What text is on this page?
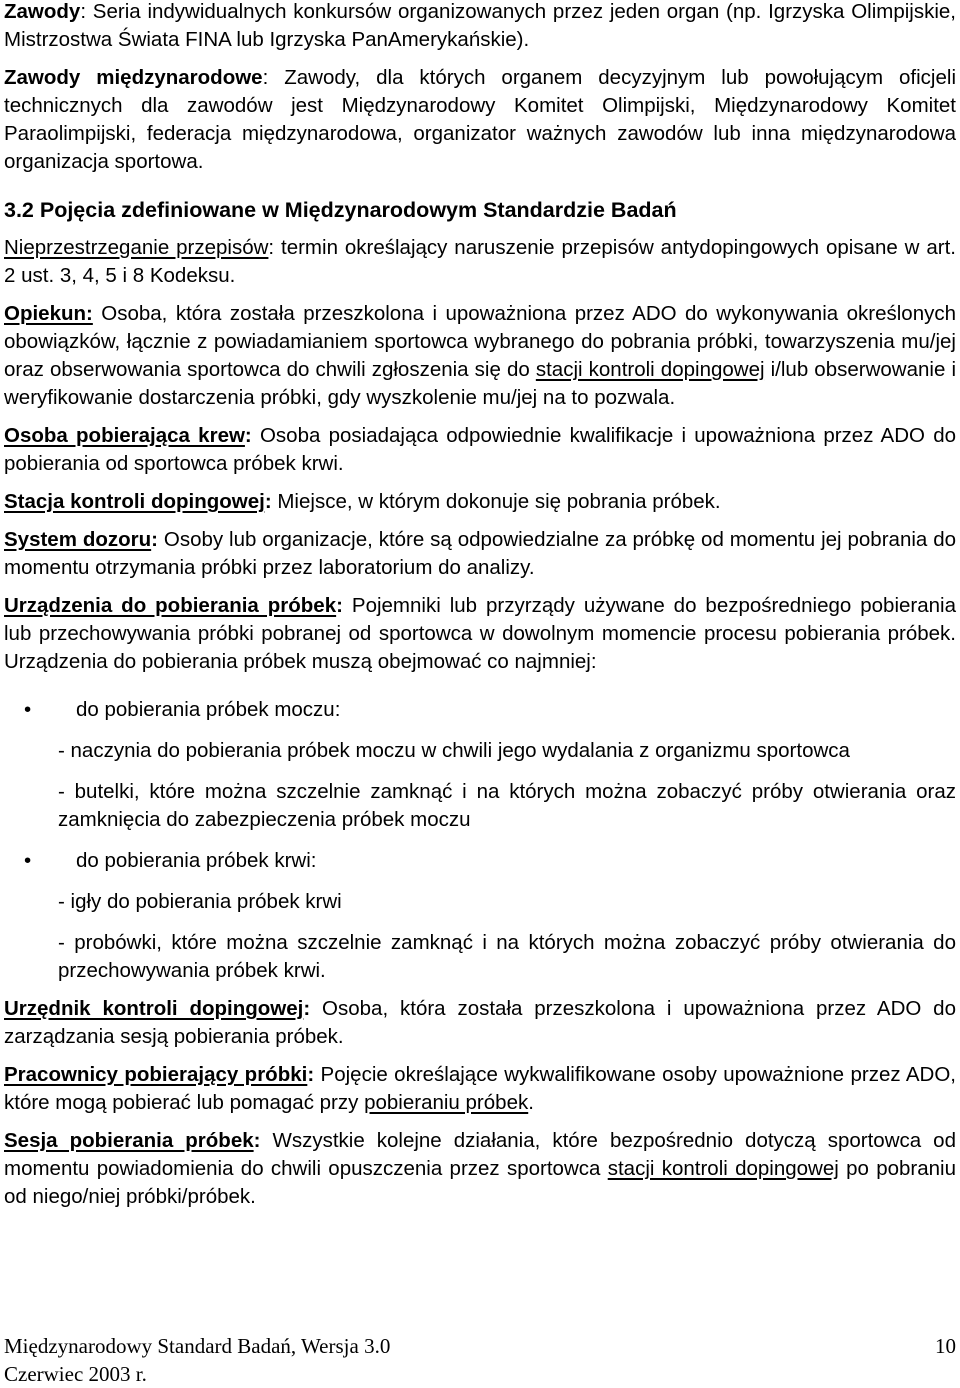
Zawody: Seria indywidualnych konkursów organizowanych przez jeden organ (np. Igrzyska Olimpijskie, Mistrzostwa Świata FINA lub Igrzyska PanAmerykańskie).

Zawody międzynarodowe: Zawody, dla których organem decyzyjnym lub powołującym oficjeli technicznych dla zawodów jest Międzynarodowy Komitet Olimpijski, Międzynarodowy Komitet Paraolimpijski, federacja międzynarodowa, organizator ważnych zawodów lub inna międzynarodowa organizacja sportowa.

3.2 Pojęcia zdefiniowane w Międzynarodowym Standardzie Badań

Nieprzestrzeganie przepisów: termin określający naruszenie przepisów antydopingowych opisane w art. 2 ust. 3, 4, 5 i 8 Kodeksu.

Opiekun: Osoba, która została przeszkolona i upoważniona przez ADO do wykonywania określonych obowiązków, łącznie z powiadamianiem sportowca wybranego do pobrania próbki, towarzyszenia mu/jej oraz obserwowania sportowca do chwili zgłoszenia się do stacji kontroli dopingowej i/lub obserwowanie i weryfikowanie dostarczenia próbki, gdy wyszkolenie mu/jej na to pozwala.

Osoba pobierająca krew: Osoba posiadająca odpowiednie kwalifikacje i upoważniona przez ADO do pobierania od sportowca próbek krwi.

Stacja kontroli dopingowej: Miejsce, w którym dokonuje się pobrania próbek.

System dozoru: Osoby lub organizacje, które są odpowiedzialne za próbkę od momentu jej pobrania do momentu otrzymania próbki przez laboratorium do analizy.

Urządzenia do pobierania próbek: Pojemniki lub przyrządy używane do bezpośredniego pobierania lub przechowywania próbki pobranej od sportowca w dowolnym momencie procesu pobierania próbek. Urządzenia do pobierania próbek muszą obejmować co najmniej:

• do pobierania próbek moczu:

- naczynia do pobierania próbek moczu w chwili jego wydalania z organizmu sportowca

- butelki, które można szczelnie zamknąć i na których można zobaczyć próby otwierania oraz zamknięcia do zabezpieczenia próbek moczu

• do pobierania próbek krwi:

- igły do pobierania próbek krwi

- probówki, które można szczelnie zamknąć i na których można zobaczyć próby otwierania do przechowywania próbek krwi.

Urzędnik kontroli dopingowej: Osoba, która została przeszkolona i upoważniona przez ADO do zarządzania sesją pobierania próbek.

Pracownicy pobierający próbki: Pojęcie określające wykwalifikowane osoby upoważnione przez ADO, które mogą pobierać lub pomagać przy pobieraniu próbek.

Sesja pobierania próbek: Wszystkie kolejne działania, które bezpośrednio dotyczą sportowca od momentu powiadomienia do chwili opuszczenia przez sportowca stacji kontroli dopingowej po pobraniu od niego/niej próbki/próbek.

Międzynarodowy Standard Badań, Wersja 3.0
Czerwiec 2003 r.
10
